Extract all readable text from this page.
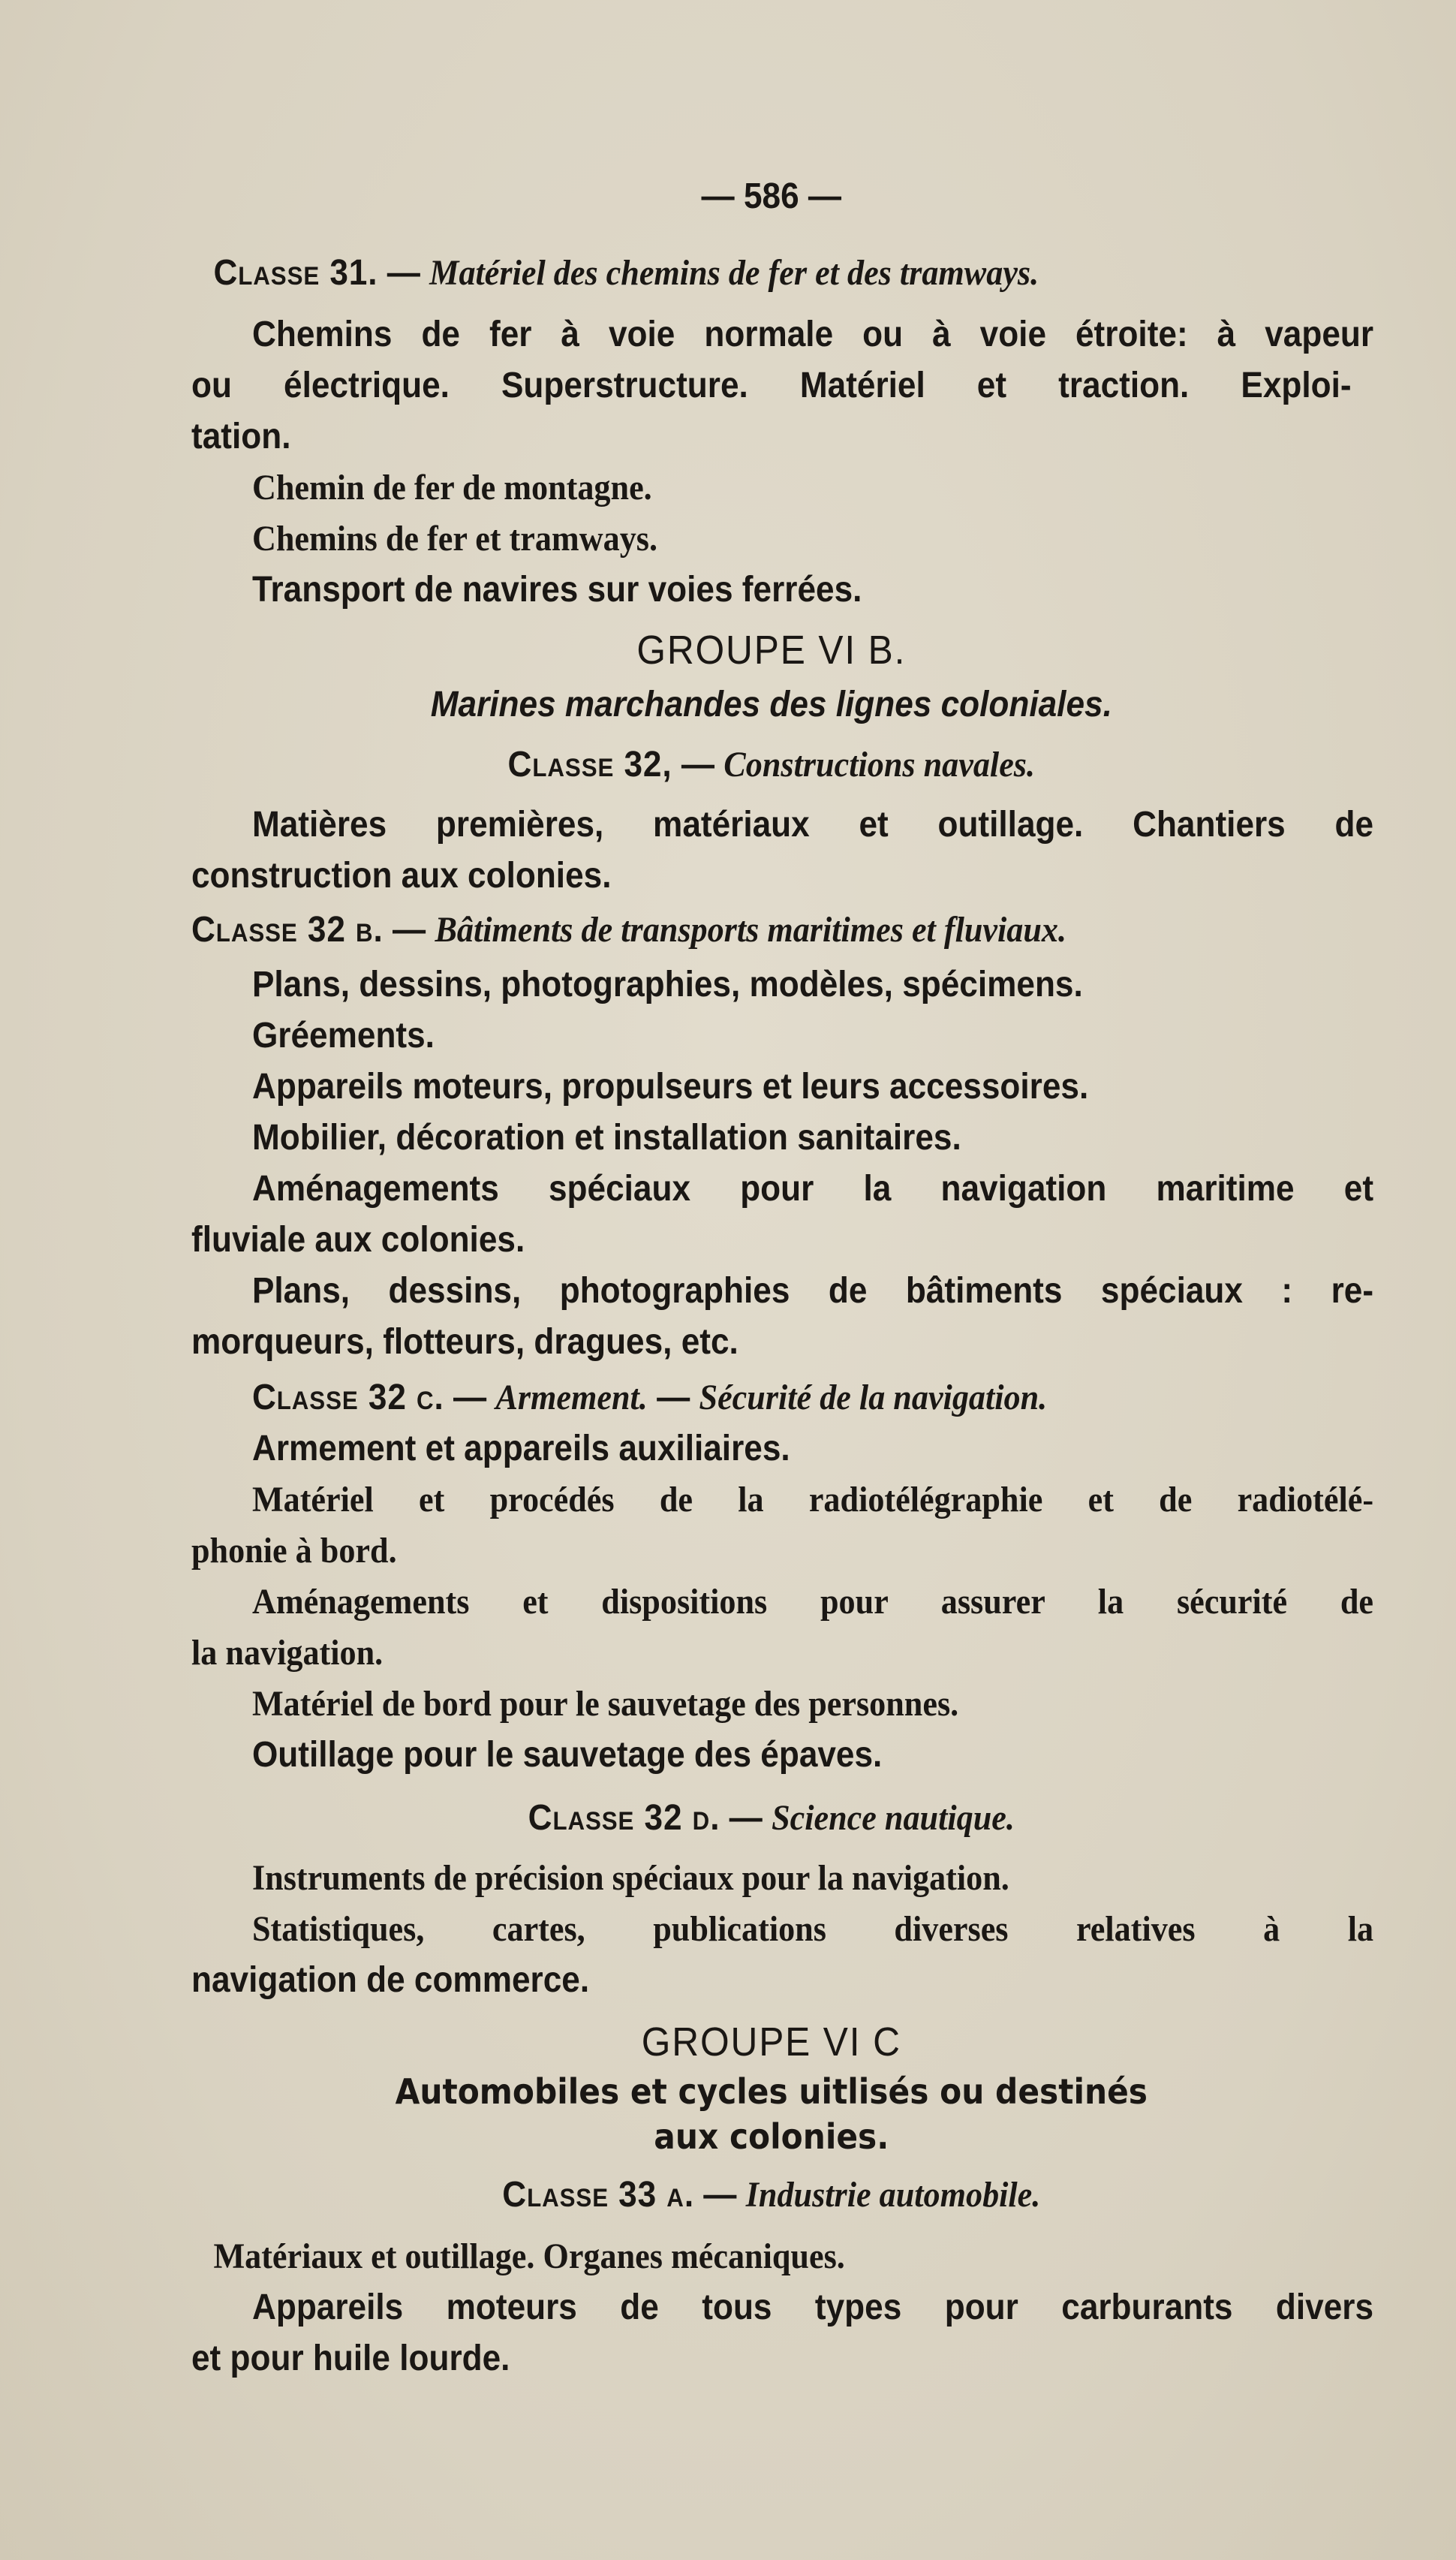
— 586 —
Classe 31. — Matériel des chemins de fer et des tramways.
Chemins de fer à voie normale ou à voie étroite: à vapeur
ou électrique. Superstructure. Matériel et traction. Exploi-
tation.
Chemin de fer de montagne.
Chemins de fer et tramways.
Transport de navires sur voies ferrées.
GROUPE VI B.
Marines marchandes des lignes coloniales.
Classe 32, — Constructions navales.
Matières premières, matériaux et outillage. Chantiers de
construction aux colonies.
Classe 32 b. — Bâtiments de transports maritimes et fluviaux.
Plans, dessins, photographies, modèles, spécimens.
Gréements.
Appareils moteurs, propulseurs et leurs accessoires.
Mobilier, décoration et installation sanitaires.
Aménagements spéciaux pour la navigation maritime et
fluviale aux colonies.
Plans, dessins, photographies de bâtiments spéciaux : re-
morqueurs, flotteurs, dragues, etc.
Classe 32 c. — Armement. — Sécurité de la navigation.
Armement et appareils auxiliaires.
Matériel et procédés de la radiotélégraphie et de radiotélé-
phonie à bord.
Aménagements et dispositions pour assurer la sécurité de
la navigation.
Matériel de bord pour le sauvetage des personnes.
Outillage pour le sauvetage des épaves.
Classe 32 d. — Science nautique.
Instruments de précision spéciaux pour la navigation.
Statistiques, cartes, publications diverses relatives à la
navigation de commerce.
GROUPE VI C
Automobiles et cycles uitlisés ou destinés
aux colonies.
Classe 33 a. — Industrie automobile.
Matériaux et outillage. Organes mécaniques.
Appareils moteurs de tous types pour carburants divers
et pour huile lourde.
